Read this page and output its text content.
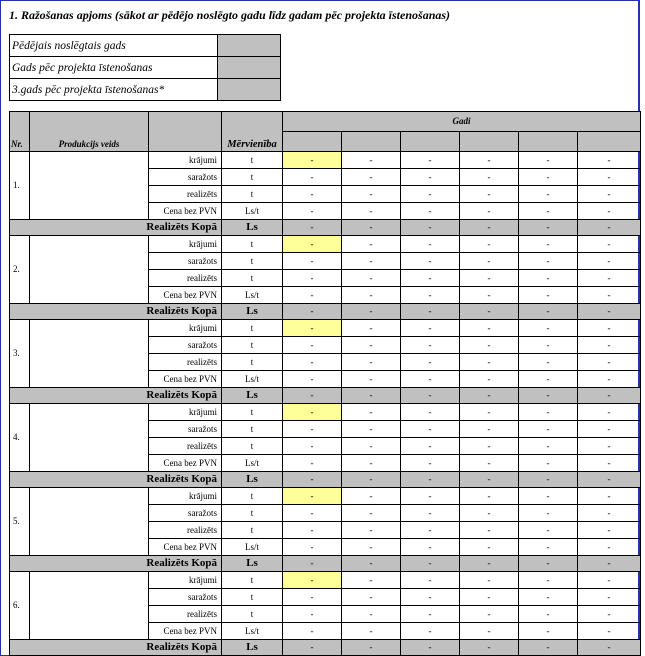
1. Ražošanas apjoms (sākot ar pēdējo noslēgto gadu līdz gadam pēc projekta īstenošanas)
Pēdējais noslēgtais gads	
Gads pēc projekta īstenošanas	
3.gads pēc projekta īstenošanas*	
Nr.	Produkcijs veids		Mērvienība	Gadi					

1.		krājumi	t	-	-	-	-	-	-
		saražots	t	-	-	-	-	-	-
		realizēts	t	-	-	-	-	-	-
		Cena bez PVN	Ls/t	-	-	-	-	-	-
Realizēts Kopā			Ls	-	-	-	-	-	-
2.		krājumi	t	-	-	-	-	-	-
		saražots	t	-	-	-	-	-	-
		realizēts	t	-	-	-	-	-	-
		Cena bez PVN	Ls/t	-	-	-	-	-	-
Realizēts Kopā			Ls	-	-	-	-	-	-
3.		krājumi	t	-	-	-	-	-	-
		saražots	t	-	-	-	-	-	-
		realizēts	t	-	-	-	-	-	-
		Cena bez PVN	Ls/t	-	-	-	-	-	-
Realizēts Kopā			Ls	-	-	-	-	-	-
4.		krājumi	t	-	-	-	-	-	-
		saražots	t	-	-	-	-	-	-
		realizēts	t	-	-	-	-	-	-
		Cena bez PVN	Ls/t	-	-	-	-	-	-
Realizēts Kopā			Ls	-	-	-	-	-	-
5.		krājumi	t	-	-	-	-	-	-
		saražots	t	-	-	-	-	-	-
		realizēts	t	-	-	-	-	-	-
		Cena bez PVN	Ls/t	-	-	-	-	-	-
Realizēts Kopā			Ls	-	-	-	-	-	-
6.		krājumi	t	-	-	-	-	-	-
		saražots	t	-	-	-	-	-	-
		realizēts	t	-	-	-	-	-	-
		Cena bez PVN	Ls/t	-	-	-	-	-	-
Realizēts Kopā			Ls	-	-	-	-	-	-
